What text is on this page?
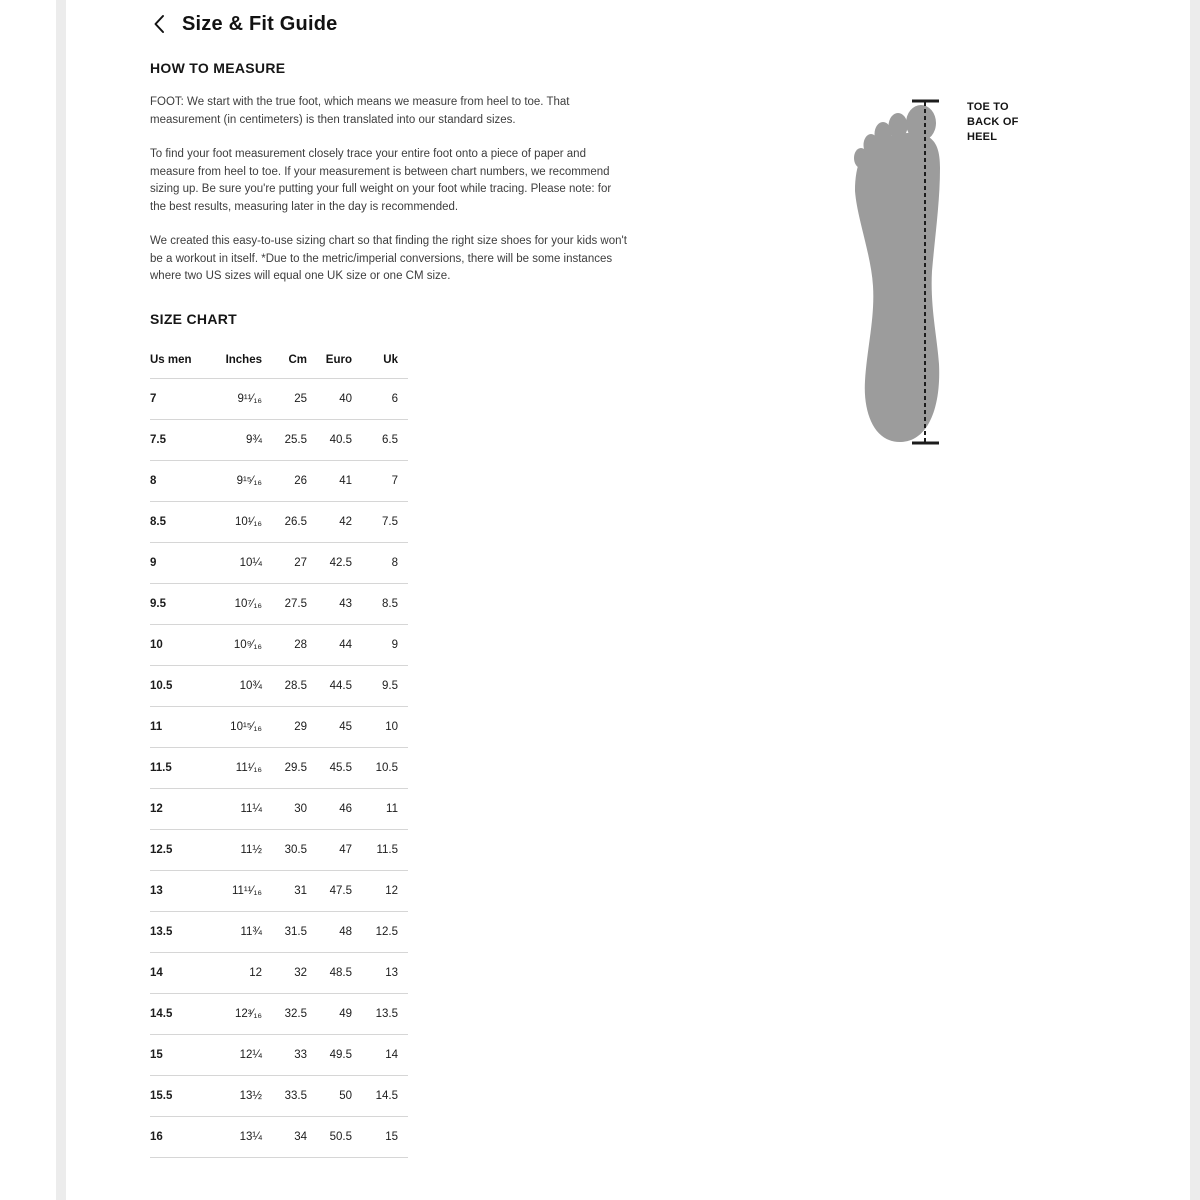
Size & Fit Guide
HOW TO MEASURE

FOOT: We start with the true foot, which means we measure from heel to toe. That measurement (in centimeters) is then translated into our standard sizes.

To find your foot measurement closely trace your entire foot onto a piece of paper and measure from heel to toe. If your measurement is between chart numbers, we recommend sizing up. Be sure you're putting your full weight on your foot while tracing. Please note: for the best results, measuring later in the day is recommended.

We created this easy-to-use sizing chart so that finding the right size shoes for your kids won't be a workout in itself. *Due to the metric/imperial conversions, there will be some instances where two US sizes will equal one UK size or one CM size.

SIZE CHART
Us men	Inches	Cm	Euro	Uk
7	9¹¹⁄₁₆	25	40	6
7.5	9¾	25.5	40.5	6.5
8	9¹⁵⁄₁₆	26	41	7
8.5	10¹⁄₁₆	26.5	42	7.5
9	10¼	27	42.5	8
9.5	10⁷⁄₁₆	27.5	43	8.5
10	10⁹⁄₁₆	28	44	9
10.5	10¾	28.5	44.5	9.5
11	10¹⁵⁄₁₆	29	45	10
11.5	11¹⁄₁₆	29.5	45.5	10.5
12	11¼	30	46	11
12.5	11½	30.5	47	11.5
13	11¹¹⁄₁₆	31	47.5	12
13.5	11¾	31.5	48	12.5
14	12	32	48.5	13
14.5	12³⁄₁₆	32.5	49	13.5
15	12¼	33	49.5	14
15.5	13½	33.5	50	14.5
16	13¼	34	50.5	15
TOE TO
BACK OF
HEEL
